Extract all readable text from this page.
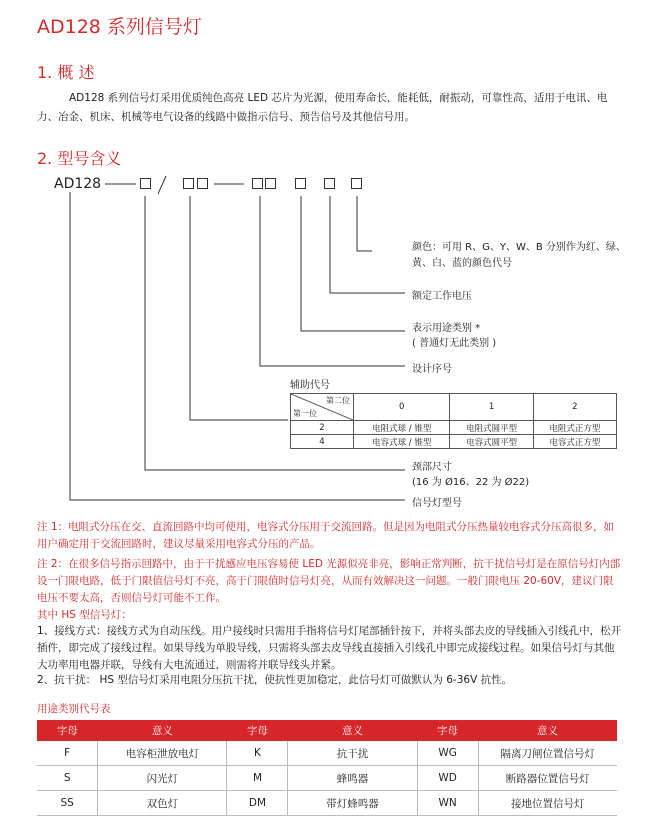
AD128 系列信号灯
1. 概 述
AD128 系列信号灯采用优质纯色高亮 LED 芯片为光源，使用寿命长，能耗低，耐振动，可靠性高，适用于电讯、电力、冶金、机床、机械等电气设备的线路中做指示信号、预告信号及其他信号用。
2. 型号含义
AD128
颜色：可用 R、G、Y、W、B 分别作为红、绿、黄、白、蓝的颜色代号
额定工作电压
表示用途类别 *
( 普通灯无此类别 )
设计序号
辅助代号
第二位
第一位	0	1	2
2	电阻式球 / 锥型	电阻式圆平型	电阻式正方型
4	电容式球 / 锥型	电容式圆平型	电容式正方型
颈部尺寸
(16 为 Ø16、22 为 Ø22)
信号灯型号
注 1：电阻式分压在交、直流回路中均可使用，电容式分压用于交流回路。但是因为电阻式分压热量较电容式分压高很多，如用户确定用于交流回路时，建议尽量采用电容式分压的产品。
注 2：在很多信号指示回路中，由于干扰感应电压容易使 LED 光源似亮非亮，影响正常判断，抗干扰信号灯是在原信号灯内部设一门限电路，低于门限值信号灯不亮，高于门限值时信号灯亮，从而有效解决这一问题。一般门限电压 20-60V，建议门限电压不要太高，否则信号灯可能不工作。
其中 HS 型信号灯：
1、接线方式：接线方式为自动压线。用户接线时只需用手指将信号灯尾部插针按下，并将头部去皮的导线插入引线孔中，松开插件，即完成了接线过程。如果导线为单股导线，只需将头部去皮导线直接插入引线孔中即完成接线过程。如果信号灯与其他大功率用电器并联，导线有大电流通过，则需将并联导线头并紧。
2、抗干扰： HS 型信号灯采用电阻分压抗干扰，使抗性更加稳定，此信号灯可做默认为 6-36V 抗性。
用途类别代号表
字母	意义	字母	意义	字母	意义
F	电容柜泄放电灯	K	抗干扰	WG	隔离刀闸位置信号灯
S	闪光灯	M	蜂鸣器	WD	断路器位置信号灯
SS	双色灯	DM	带灯蜂鸣器	WN	接地位置信号灯
